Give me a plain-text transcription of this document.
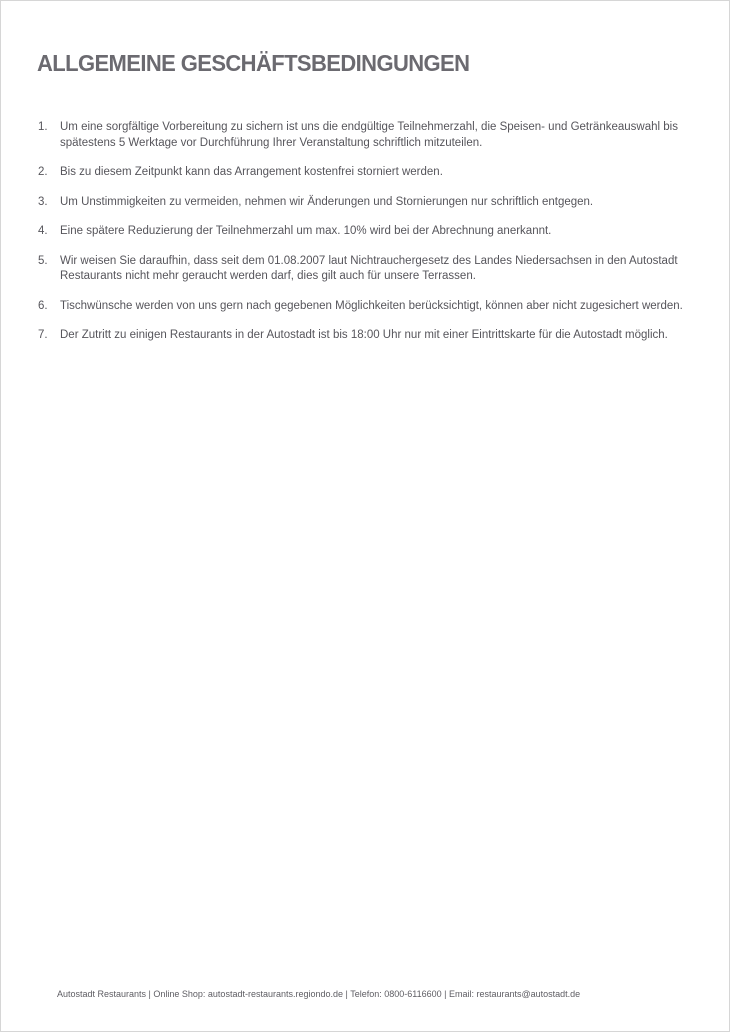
ALLGEMEINE GESCHÄFTSBEDINGUNGEN
1.	Um eine sorgfältige Vorbereitung zu sichern ist uns die endgültige Teilnehmerzahl, die Speisen- und Getränkeauswahl bis spätestens 5 Werktage vor Durchführung Ihrer Veranstaltung schriftlich mitzuteilen.
2.	Bis zu diesem Zeitpunkt kann das Arrangement kostenfrei storniert werden.
3.	Um Unstimmigkeiten zu vermeiden, nehmen wir Änderungen und Stornierungen nur schriftlich entgegen.
4.	Eine spätere Reduzierung der Teilnehmerzahl um max. 10% wird bei der Abrechnung anerkannt.
5.	Wir weisen Sie daraufhin, dass seit dem 01.08.2007 laut Nichtrauchergesetz des Landes Niedersachsen in den Autostadt Restaurants nicht mehr geraucht werden darf, dies gilt auch für unsere Terrassen.
6.	Tischwünsche werden von uns gern nach gegebenen Möglichkeiten berücksichtigt, können aber nicht zugesichert werden.
7.	Der Zutritt zu einigen Restaurants in der Autostadt ist bis 18:00 Uhr nur mit einer Eintrittskarte für die Autostadt möglich.
Autostadt Restaurants | Online Shop: autostadt-restaurants.regiondo.de | Telefon: 0800-6116600 | Email: restaurants@autostadt.de
